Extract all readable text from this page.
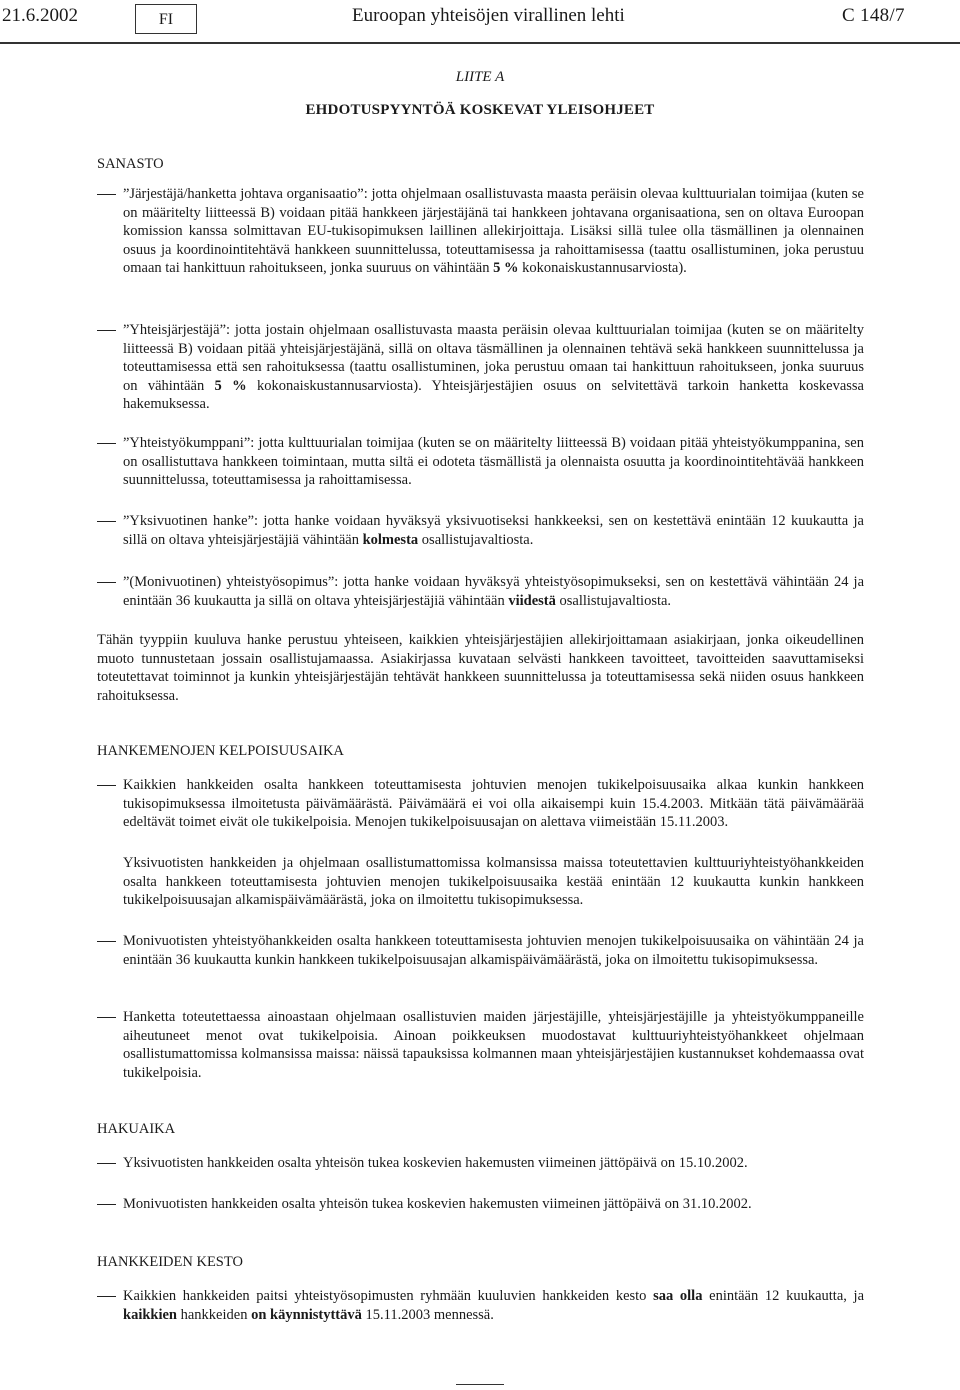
21.6.2002	FI	Euroopan yhteisöjen virallinen lehti	C 148/7
LIITE A
EHDOTUSPYYNTÖÄ KOSKEVAT YLEISOHJEET
SANASTO

”Järjestäjä/hanketta johtava organisaatio”: jotta ohjelmaan osallistuvasta maasta peräisin olevaa kulttuurialan toimijaa (kuten se on määritelty liitteessä B) voidaan pitää hankkeen järjestäjänä tai hankkeen johtavana organisaationa, sen on oltava Euroopan komission kanssa solmittavan EU-tukisopimuksen laillinen allekirjoittaja. Lisäksi sillä tulee olla täsmällinen ja olennainen osuus ja koordinointitehtävä hankkeen suunnittelussa, toteuttamisessa ja rahoittamisessa (taattu osallistuminen, joka perustuu omaan tai hankittuun rahoitukseen, jonka suuruus on vähintään 5 % kokonaiskustannusarviosta).

”Yhteisjärjestäjä”: jotta jostain ohjelmaan osallistuvasta maasta peräisin olevaa kulttuurialan toimijaa (kuten se on määritelty liitteessä B) voidaan pitää yhteisjärjestäjänä, sillä on oltava täsmällinen ja olennainen tehtävä sekä hankkeen suunnittelussa ja toteuttamisessa että sen rahoituksessa (taattu osallistuminen, joka perustuu omaan tai hankittuun rahoitukseen, jonka suuruus on vähintään 5 % kokonaiskustannusarviosta). Yhteisjärjestäjien osuus on selvitettävä tarkoin hanketta koskevassa hakemuksessa.

”Yhteistyökumppani”: jotta kulttuurialan toimijaa (kuten se on määritelty liitteessä B) voidaan pitää yhteistyökumppanina, sen on osallistuttava hankkeen toimintaan, mutta siltä ei odoteta täsmällistä ja olennaista osuutta ja koordinointitehtävää hankkeen suunnittelussa, toteuttamisessa ja rahoittamisessa.

”Yksivuotinen hanke”: jotta hanke voidaan hyväksyä yksivuotiseksi hankkeeksi, sen on kestettävä enintään 12 kuukautta ja sillä on oltava yhteisjärjestäjiä vähintään kolmesta osallistujavaltiosta.

”(Monivuotinen) yhteistyösopimus”: jotta hanke voidaan hyväksyä yhteistyösopimukseksi, sen on kestettävä vähintään 24 ja enintään 36 kuukautta ja sillä on oltava yhteisjärjestäjiä vähintään viidestä osallistujavaltiosta.

Tähän tyyppiin kuuluva hanke perustuu yhteiseen, kaikkien yhteisjärjestäjien allekirjoittamaan asiakirjaan, jonka oikeudellinen muoto tunnustetaan jossain osallistujamaassa. Asiakirjassa kuvataan selvästi hankkeen tavoitteet, tavoitteiden saavuttamiseksi toteutettavat toiminnot ja kunkin yhteisjärjestäjän tehtävät hankkeen suunnittelussa ja toteuttamisessa sekä niiden osuus hankkeen rahoituksessa.

HANKEMENOJEN KELPOISUUSAIKA

Kaikkien hankkeiden osalta hankkeen toteuttamisesta johtuvien menojen tukikelpoisuusaika alkaa kunkin hankkeen tukisopimuksessa ilmoitetusta päivämäärästä. Päivämäärä ei voi olla aikaisempi kuin 15.4.2003. Mitkään tätä päivämäärää edeltävät toimet eivät ole tukikelpoisia. Menojen tukikelpoisuusajan on alettava viimeistään 15.11.2003.

Yksivuotisten hankkeiden ja ohjelmaan osallistumattomissa kolmansissa maissa toteutettavien kulttuuriyhteistyöhankkeiden osalta hankkeen toteuttamisesta johtuvien menojen tukikelpoisuusaika kestää enintään 12 kuukautta kunkin hankkeen tukikelpoisuusajan alkamispäivämäärästä, joka on ilmoitettu tukisopimuksessa.

Monivuotisten yhteistyöhankkeiden osalta hankkeen toteuttamisesta johtuvien menojen tukikelpoisuusaika on vähintään 24 ja enintään 36 kuukautta kunkin hankkeen tukikelpoisuusajan alkamispäivämäärästä, joka on ilmoitettu tukisopimuksessa.

Hanketta toteutettaessa ainoastaan ohjelmaan osallistuvien maiden järjestäjille, yhteisjärjestäjille ja yhteistyökumppaneille aiheutuneet menot ovat tukikelpoisia. Ainoan poikkeuksen muodostavat kulttuuriyhteistyöhankkeet ohjelmaan osallistumattomissa kolmansissa maissa: näissä tapauksissa kolmannen maan yhteisjärjestäjien kustannukset kohdemaassa ovat tukikelpoisia.

HAKUAIKA

Yksivuotisten hankkeiden osalta yhteisön tukea koskevien hakemusten viimeinen jättöpäivä on 15.10.2002.

Monivuotisten hankkeiden osalta yhteisön tukea koskevien hakemusten viimeinen jättöpäivä on 31.10.2002.

HANKKEIDEN KESTO

Kaikkien hankkeiden paitsi yhteistyösopimusten ryhmään kuuluvien hankkeiden kesto saa olla enintään 12 kuukautta, ja kaikkien hankkeiden on käynnistyttävä 15.11.2003 mennessä.
